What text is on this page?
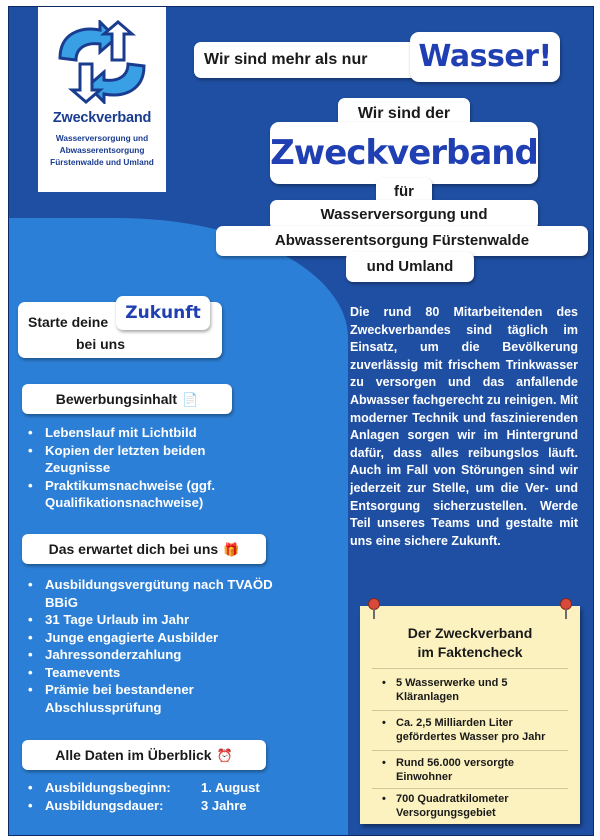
Zweckverband
Wasserversorgung und
Abwasserentsorgung
Fürstenwalde und Umland
Wir sind mehr als nur	Wasser!
Wir sind der
Zweckverband
für
Wasserversorgung und
Abwasserentsorgung Fürstenwalde
und Umland
Starte deine
bei uns
Zukunft
Bewerbungsinhalt 📄
• Lebenslauf mit Lichtbild
• Kopien der letzten beiden Zeugnisse
• Praktikumsnachweise (ggf. Qualifikationsnachweise)
Das erwartet dich bei uns 🎁
• Ausbildungsvergütung nach TVAÖD BBiG
• 31 Tage Urlaub im Jahr
• Junge engagierte Ausbilder
• Jahressonderzahlung
• Teamevents
• Prämie bei bestandener Abschlussprüfung
Alle Daten im Überblick ⏰
• Ausbildungsbeginn: 1. August
• Ausbildungsdauer:	3 Jahre
Die rund 80 Mitarbeitenden des Zweckverbandes sind täglich im Einsatz, um die Bevölkerung zuverlässig mit frischem Trinkwasser zu versorgen und das anfallende Abwasser fachgerecht zu reinigen. Mit moderner Technik und faszinierenden Anlagen sorgen wir im Hintergrund dafür, dass alles reibungslos läuft. Auch im Fall von Störungen sind wir jederzeit zur Stelle, um die Ver- und Entsorgung sicherzustellen. Werde Teil unseres Teams und gestalte mit uns eine sichere Zukunft.
Der Zweckverband
im Faktencheck
• 5 Wasserwerke und 5 Kläranlagen
• Ca. 2,5 Milliarden Liter gefördertes Wasser pro Jahr
• Rund 56.000 versorgte Einwohner
• 700 Quadratkilometer Versorgungsgebiet
